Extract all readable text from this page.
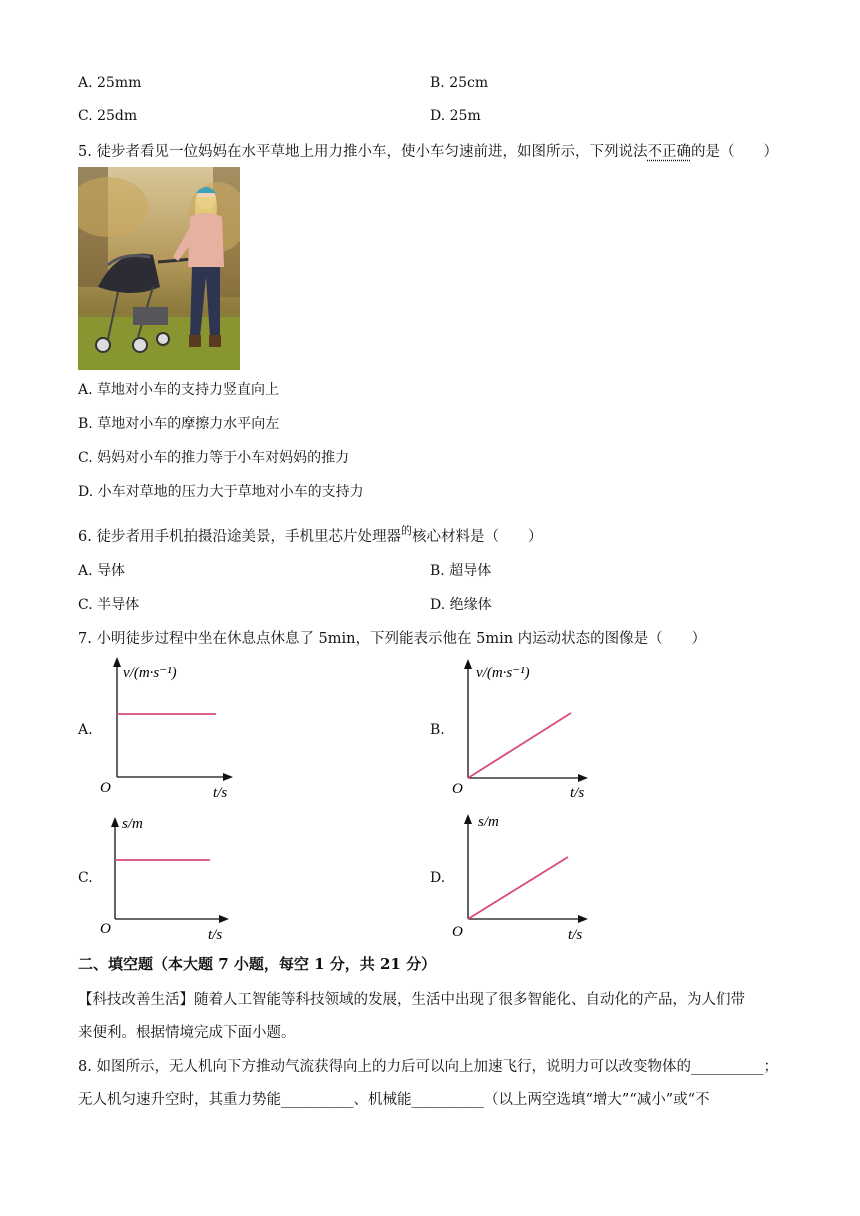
A. 25mm	B. 25cm
C. 25dm	D. 25m
5. 徒步者看见一位妈妈在水平草地上用力推小车，使小车匀速前进，如图所示，下列说法不正确的是（　　）
A. 草地对小车的支持力竖直向上
B. 草地对小车的摩擦力水平向左
C. 妈妈对小车的推力等于小车对妈妈的推力
D. 小车对草地的压力大于草地对小车的支持力
6. 徒步者用手机拍摄沿途美景，手机里芯片处理器$^的$核心材料是（　　）
A. 导体	B. 超导体
C. 半导体	D. 绝缘体
7. 小明徒步过程中坐在休息点休息了 5min，下列能表示他在 5min 内运动状态的图像是（　　）
A.	B.
C.	D.
v/(m·s⁻¹)
t/s
O
v/(m·s⁻¹)
t/s
O
s/m
t/s
O
s/m
t/s
O
二、填空题（本大题 7 小题，每空 1 分，共 21 分）
【科技改善生活】随着人工智能等科技领域的发展，生活中出现了很多智能化、自动化的产品，为人们带
来便利。根据情境完成下面小题。
8. 如图所示，无人机向下方推动气流获得向上的力后可以向上加速飞行，说明力可以改变物体的__________；
无人机匀速升空时，其重力势能__________、机械能__________（以上两空选填“增大”“减小”或“不
